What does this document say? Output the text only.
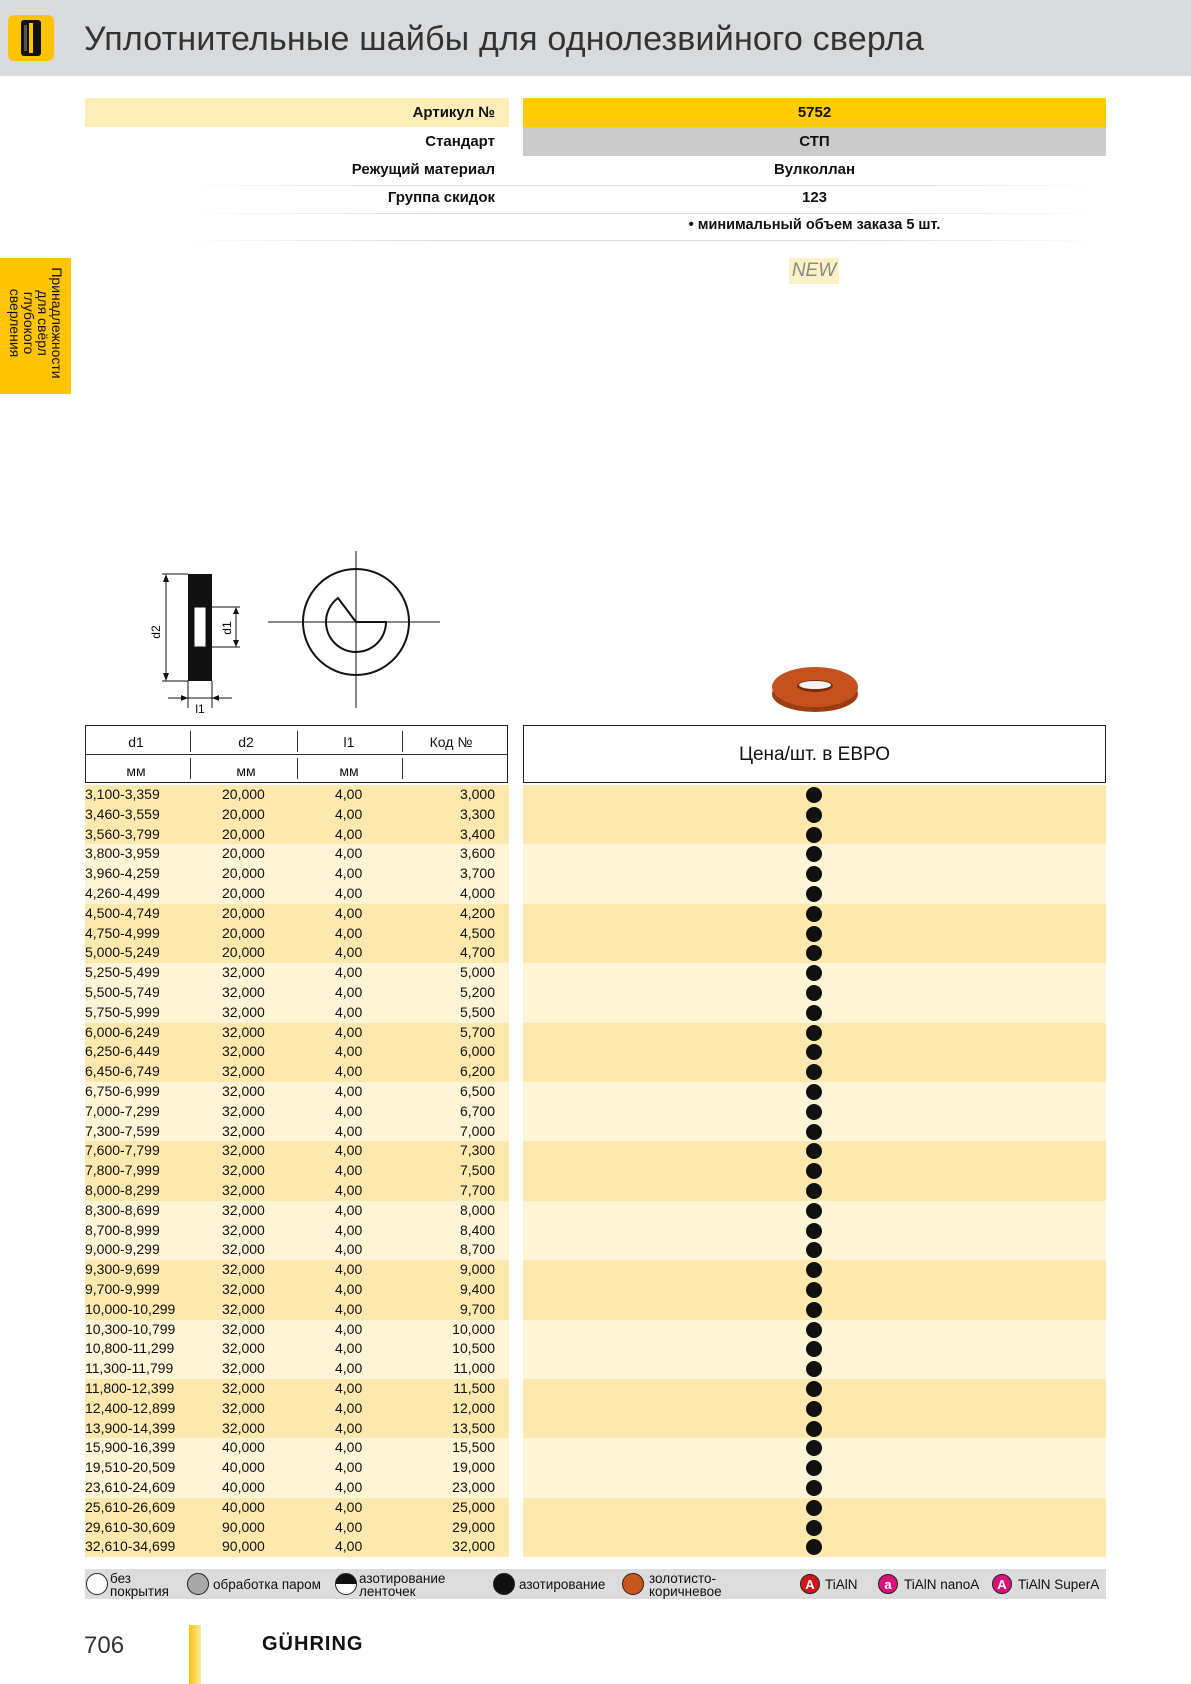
Уплотнительные шайбы для однолезвийного сверла
Артикул №	5752
Стандарт	СТП
Режущий материал	Вулколлан
Группа скидок	123
• минимальный объем заказа 5 шт.
NEW
Принадлежности
для свёрл глубокого
сверления
d2	d1
l1
d1	d2	l1	Код №
мм	мм	мм
Цена/шт. в ЕВРО
3,100-3,359	20,000	4,00	3,000
3,460-3,559	20,000	4,00	3,300
3,560-3,799	20,000	4,00	3,400
3,800-3,959	20,000	4,00	3,600
3,960-4,259	20,000	4,00	3,700
4,260-4,499	20,000	4,00	4,000
4,500-4,749	20,000	4,00	4,200
4,750-4,999	20,000	4,00	4,500
5,000-5,249	20,000	4,00	4,700
5,250-5,499	32,000	4,00	5,000
5,500-5,749	32,000	4,00	5,200
5,750-5,999	32,000	4,00	5,500
6,000-6,249	32,000	4,00	5,700
6,250-6,449	32,000	4,00	6,000
6,450-6,749	32,000	4,00	6,200
6,750-6,999	32,000	4,00	6,500
7,000-7,299	32,000	4,00	6,700
7,300-7,599	32,000	4,00	7,000
7,600-7,799	32,000	4,00	7,300
7,800-7,999	32,000	4,00	7,500
8,000-8,299	32,000	4,00	7,700
8,300-8,699	32,000	4,00	8,000
8,700-8,999	32,000	4,00	8,400
9,000-9,299	32,000	4,00	8,700
9,300-9,699	32,000	4,00	9,000
9,700-9,999	32,000	4,00	9,400
10,000-10,299	32,000	4,00	9,700
10,300-10,799	32,000	4,00	10,000
10,800-11,299	32,000	4,00	10,500
11,300-11,799	32,000	4,00	11,000
11,800-12,399	32,000	4,00	11,500
12,400-12,899	32,000	4,00	12,000
13,900-14,399	32,000	4,00	13,500
15,900-16,399	40,000	4,00	15,500
19,510-20,509	40,000	4,00	19,000
23,610-24,609	40,000	4,00	23,000
25,610-26,609	40,000	4,00	25,000
29,610-30,609	90,000	4,00	29,000
32,610-34,699	90,000	4,00	32,000
без покрытия	обработка паром	азотирование ленточек	азотирование	золотисто-коричневое	A TiAlN	a TiAlN nanoA	A TiAlN SuperA
706	GÜHRING
